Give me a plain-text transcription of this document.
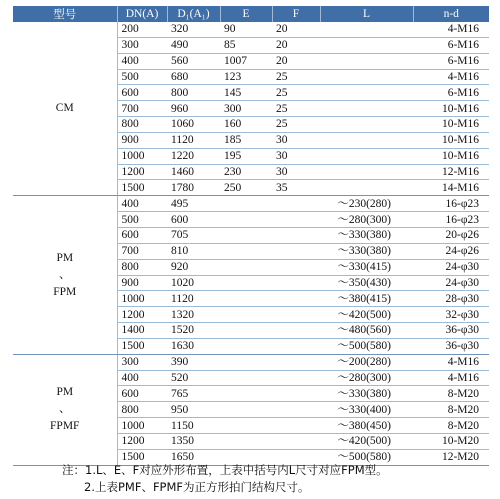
型号	DN(A)	D₁(A₁)	E	F	L	n-d

CM	200	320	90	20		4-M16
	300	490	85	20		6-M16
	400	560	1007	20		6-M16
	500	680	123	25		4-M16
	600	800	145	25		6-M16
	700	960	300	25		10-M16
	800	1060	160	25		10-M16
	900	1120	185	30		10-M16
	1000	1220	195	30		10-M16
	1200	1460	230	30		12-M16
	1500	1780	250	35		14-M16

PM
、
FPM	400	495			～230(280)	16-φ23
	500	600			～280(300)	16-φ23
	600	705			～330(380)	20-φ26
	700	810			～330(380)	24-φ26
	800	920			～330(415)	24-φ30
	900	1020			～350(430)	24-φ30
	1000	1120			～380(415)	28-φ30
	1200	1320			～420(500)	32-φ30
	1400	1520			～480(560)	36-φ30
	1500	1630			～500(580)	36-φ30

PM
、
FPMF	300	390			～200(280)	4-M16
	400	520			～280(300)	4-M16
	600	765			～330(380)	8-M20
	800	950			～330(400)	8-M20
	1000	1150			～380(450)	8-M20
	1200	1350			～420(500)	10-M20
	1500	1650			～500(580)	12-M20
注：1.L、E、F对应外形布置，上表中括号内L尺寸对应FPM型。
2.上表PMF、FPMF为正方形拍门结构尺寸。
